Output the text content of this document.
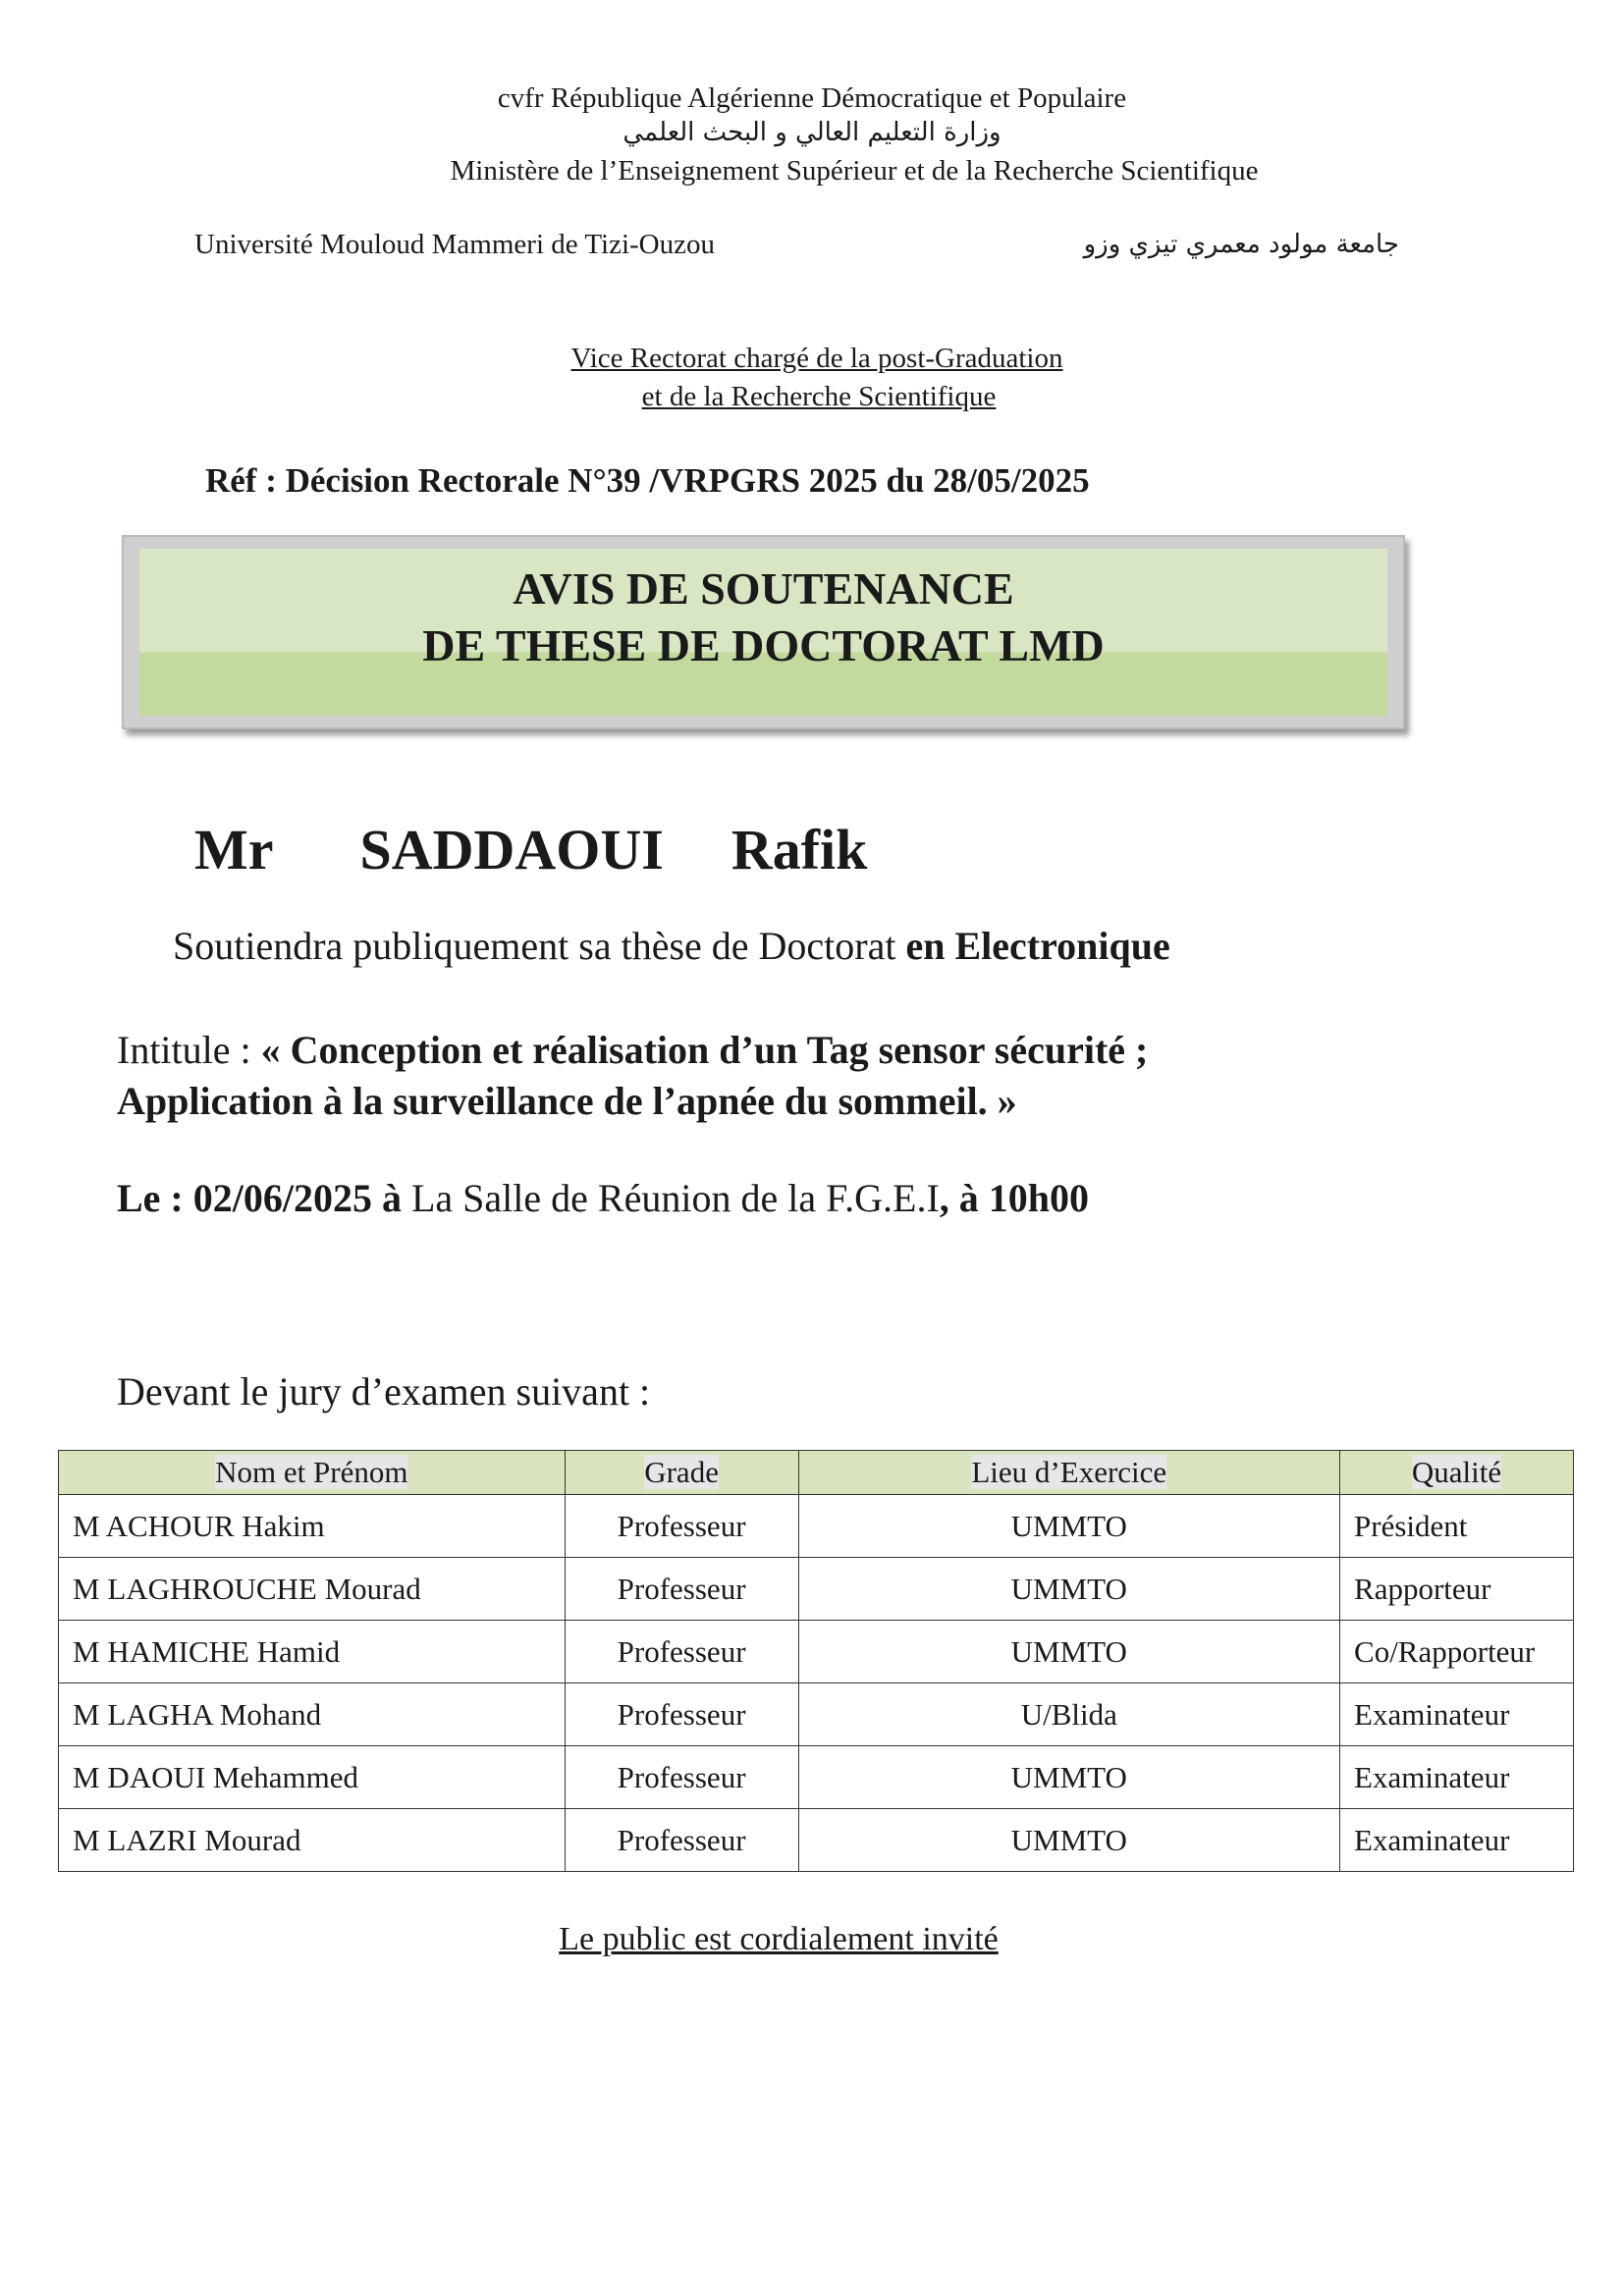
cvfr République Algérienne Démocratique et Populaire
وزارة التعليم العالي و البحث العلمي
Ministère de l’Enseignement Supérieur et de la Recherche Scientifique
Université Mouloud Mammeri de Tizi-Ouzou	جامعة مولود معمري تيزي وزو
Vice Rectorat chargé de la post-Graduation
et de la Recherche Scientifique
Réf : Décision Rectorale N°39 /VRPGRS 2025 du 28/05/2025
AVIS DE SOUTENANCE
DE THESE DE DOCTORAT LMD
Mr SADDAOUI Rafik
Soutiendra publiquement sa thèse de Doctorat en Electronique
Intitule : « Conception et réalisation d’un Tag sensor sécurité ;
Application à la surveillance de l’apnée du sommeil. »
Le : 02/06/2025 à La Salle de Réunion de la F.G.E.I, à 10h00
Devant le jury d’examen suivant :
Nom et Prénom	Grade	Lieu d’Exercice	Qualité
M ACHOUR Hakim	Professeur	UMMTO	Président
M LAGHROUCHE Mourad	Professeur	UMMTO	Rapporteur
M HAMICHE Hamid	Professeur	UMMTO	Co/Rapporteur
M LAGHA Mohand	Professeur	U/Blida	Examinateur
M DAOUI Mehammed	Professeur	UMMTO	Examinateur
M LAZRI Mourad	Professeur	UMMTO	Examinateur
Le public est cordialement invité
